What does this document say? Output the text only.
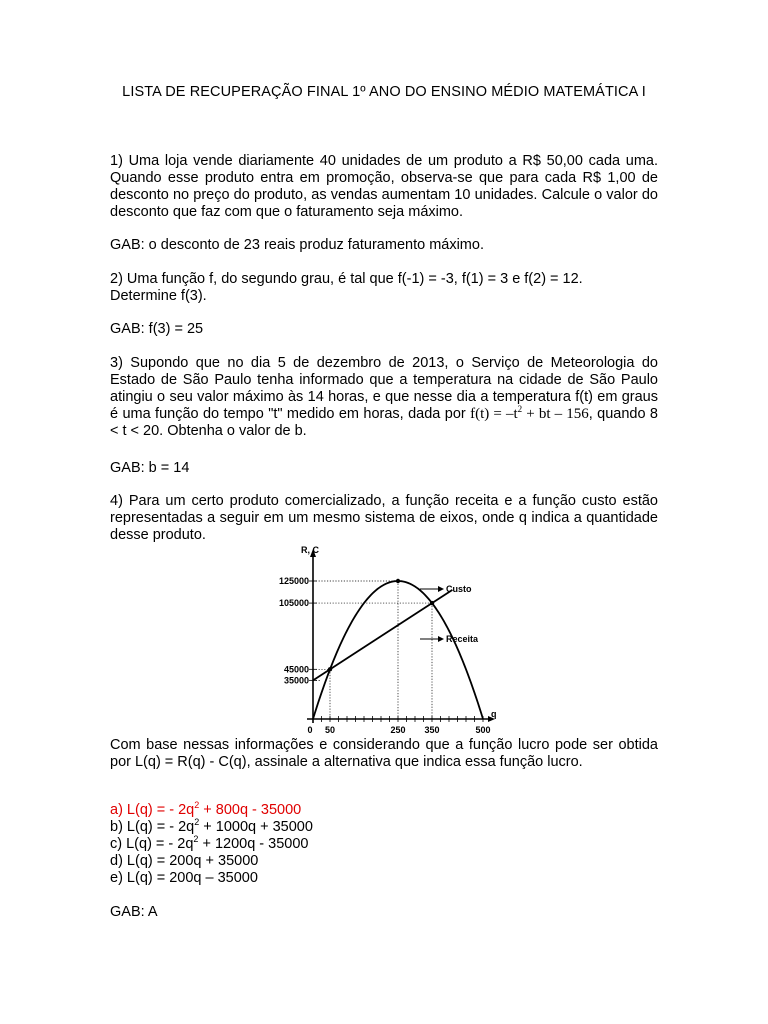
LISTA DE RECUPERAÇÃO FINAL 1º ANO DO ENSINO MÉDIO MATEMÁTICA I
1) Uma loja vende diariamente 40 unidades de um produto a R$ 50,00 cada uma. Quando esse produto entra em promoção, observa-se que para cada R$ 1,00 de desconto no preço do produto, as vendas aumentam 10 unidades. Calcule o valor do desconto que faz com que o faturamento seja máximo.
GAB: o desconto de 23 reais produz faturamento máximo.
2) Uma função f, do segundo grau, é tal que f(-1) = -3, f(1) = 3 e f(2) = 12.
Determine f(3).
GAB: f(3) = 25
3) Supondo que no dia 5 de dezembro de 2013, o Serviço de Meteorologia do Estado de São Paulo tenha informado que a temperatura na cidade de São Paulo atingiu o seu valor máximo às 14 horas, e que nesse dia a temperatura f(t) em graus é uma função do tempo "t" medido em horas, dada por $f(t) = -t^2$ + bt – 156, quando 8 < t < 20. Obtenha o valor de b.
GAB: b = 14
4) Para um certo produto comercializado, a função receita e a função custo estão representadas a seguir em um mesmo sistema de eixos, onde q indica a quantidade desse produto.
R, C
q
125000
105000
45000
35000
0 50	250 350	500
Custo
Receita
Com base nessas informações e considerando que a função lucro pode ser obtida por L(q) = R(q) - C(q), assinale a alternativa que indica essa função lucro.
a) L(q) = - $2q^2 + 800q - 35000$
b) L(q) = - $2q^2 + 1000q + 35000$
c) L(q) = - $2q^2 + 1200q - 35000$
d) L(q) = 200q + 35000
e) L(q) = 200q – 35000
GAB: A
